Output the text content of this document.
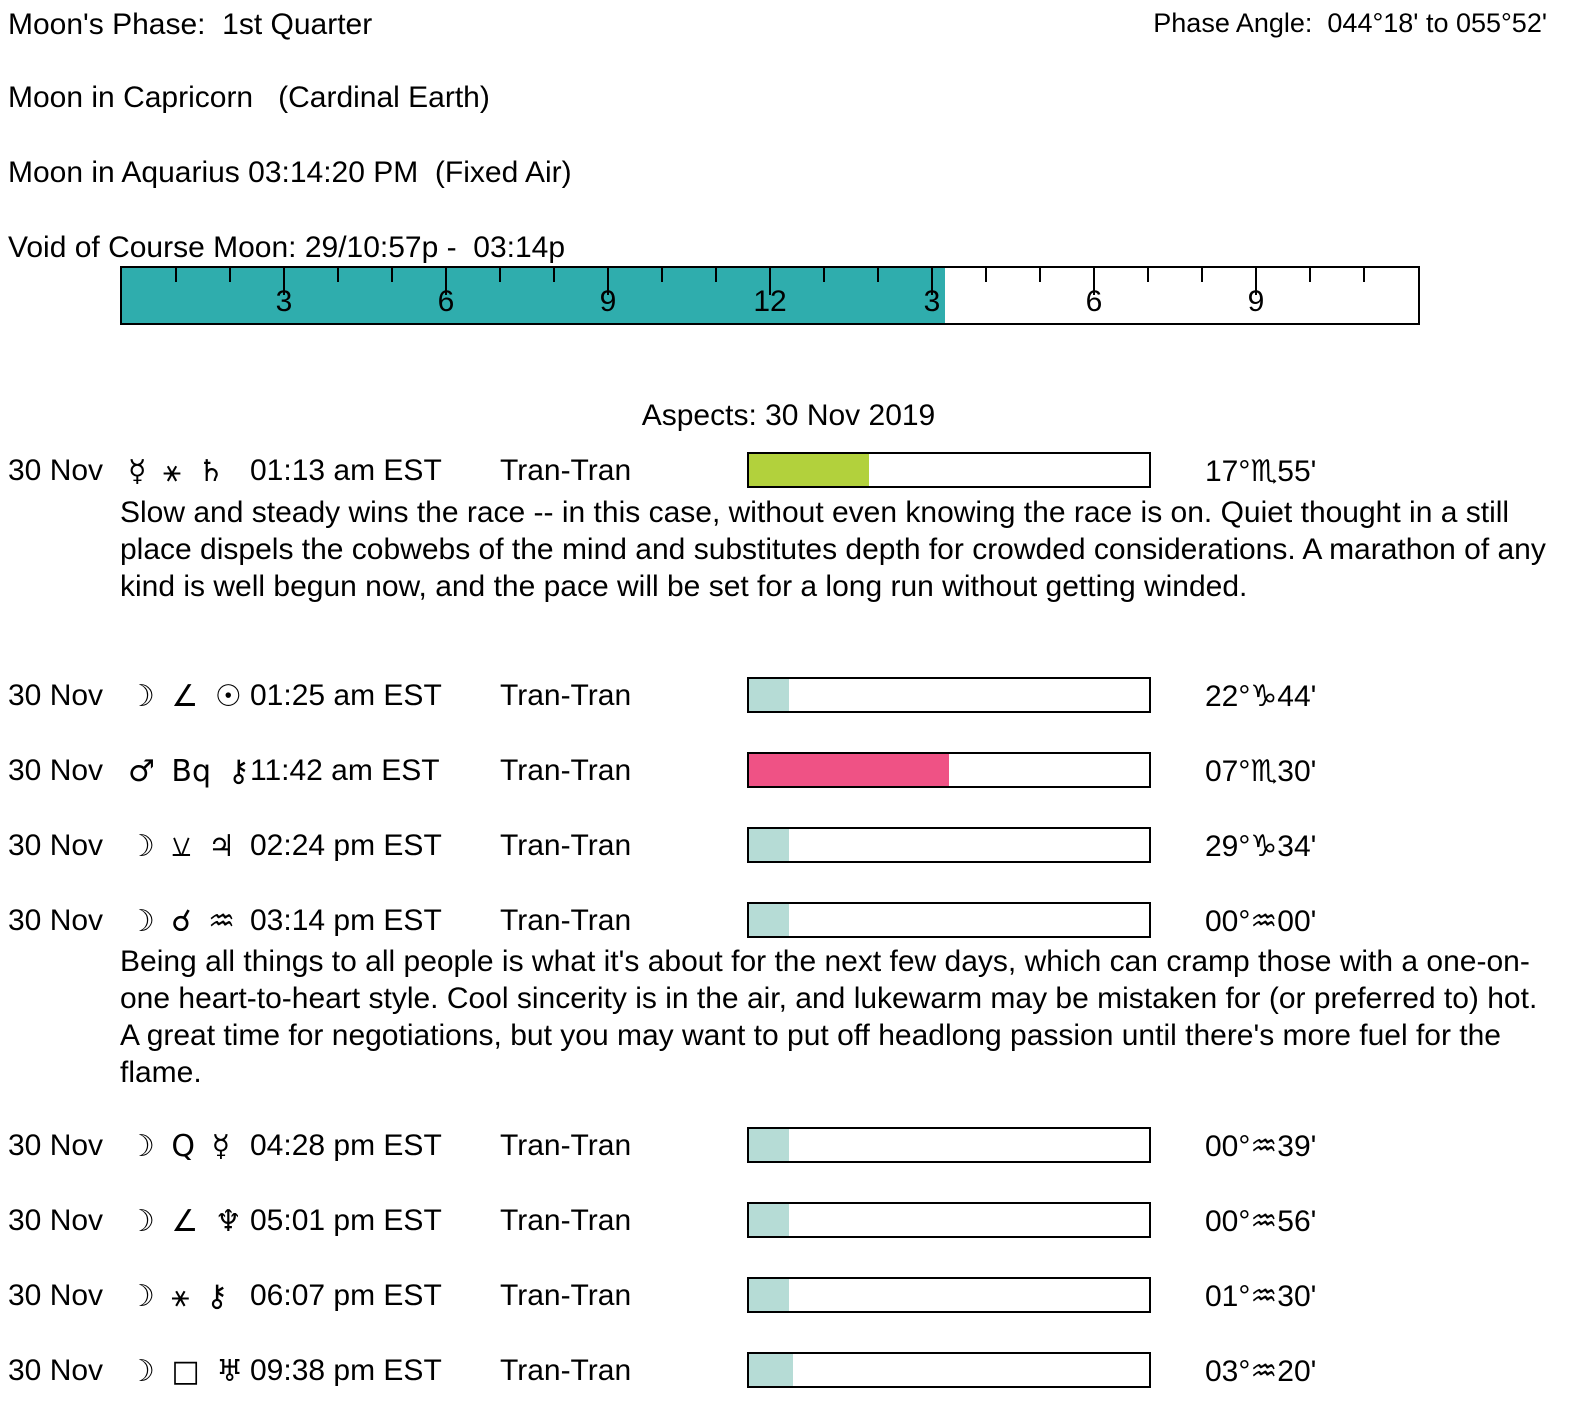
Moon's Phase:  1st Quarter	Phase Angle:  044°18' to 055°52'
Moon in Capricorn   (Cardinal Earth)
Moon in Aquarius 03:14:20 PM  (Fixed Air)
Void of Course Moon: 29/10:57p -  03:14p
3	6	9	12	3	6	9
Aspects: 30 Nov 2019
30 Nov ☿ ⚹ ♄ 01:13 am EST Tran-Tran	17°♏55'
Slow and steady wins the race -- in this case, without even knowing the race is on. Quiet thought in a still place dispels the cobwebs of the mind and substitutes depth for crowded considerations. A marathon of any kind is well begun now, and the pace will be set for a long run without getting winded.
30 Nov ☽ ∠ ☉ 01:25 am EST Tran-Tran	22°♑44'
30 Nov ♂ Bq ⚷ 11:42 am EST Tran-Tran	07°♏30'
30 Nov ☽ ⚺ ♃ 02:24 pm EST Tran-Tran	29°♑34'
30 Nov ☽ ☌ ♒ 03:14 pm EST Tran-Tran	00°♒00'
Being all things to all people is what it's about for the next few days, which can cramp those with a one-on-one heart-to-heart style. Cool sincerity is in the air, and lukewarm may be mistaken for (or preferred to) hot. A great time for negotiations, but you may want to put off headlong passion until there's more fuel for the flame.
30 Nov ☽ Q ☿ 04:28 pm EST Tran-Tran	00°♒39'
30 Nov ☽ ∠ ♆ 05:01 pm EST Tran-Tran	00°♒56'
30 Nov ☽ ⚹ ⚷ 06:07 pm EST Tran-Tran	01°♒30'
30 Nov ☽ □ ♅ 09:38 pm EST Tran-Tran	03°♒20'
